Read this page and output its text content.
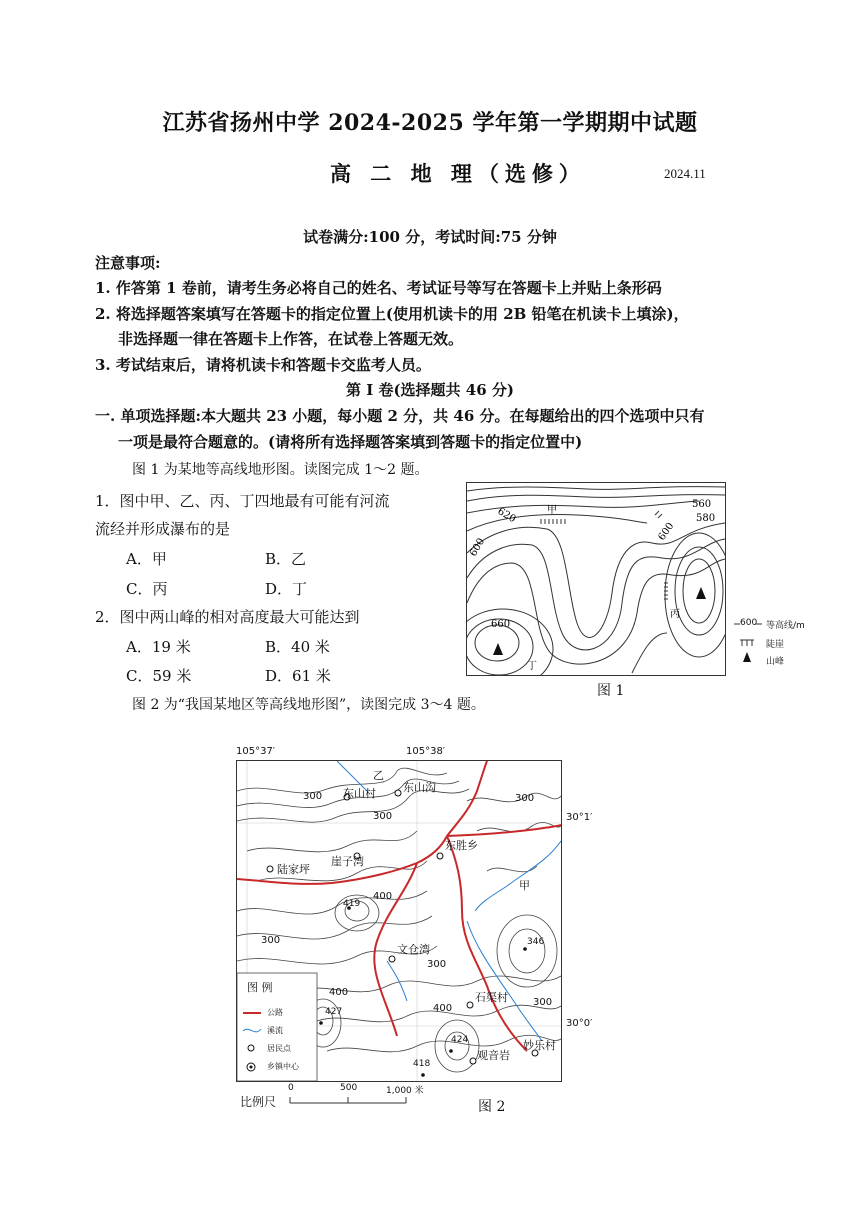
江苏省扬州中学 2024-2025 学年第一学期期中试题
高 二 地 理（选修）	2024.11
试卷满分:100 分，考试时间:75 分钟
注意事项:
1. 作答第 1 卷前，请考生务必将自己的姓名、考试证号等写在答题卡上并贴上条形码
2. 将选择题答案填写在答题卡的指定位置上(使用机读卡的用 2B 铅笔在机读卡上填涂)，
非选择题一律在答题卡上作答，在试卷上答题无效。
3. 考试结束后，请将机读卡和答题卡交监考人员。
第 I 卷(选择题共 46 分)
一. 单项选择题:本大题共 23 小题，每小题 2 分，共 46 分。在每题给出的四个选项中只有
一项是最符合题意的。(请将所有选择题答案填到答题卡的指定位置中)
图 1 为某地等高线地形图。读图完成 1～2 题。
1．图中甲、乙、丙、丁四地最有可能有河流
流经并形成瀑布的是
A．甲	B．乙
C．丙	D．丁
2．图中两山峰的相对高度最大可能达到
A．19 米	B．40 米
C．59 米	D．61 米
620
600
600
560
580
660
甲
丙
丁
600 等高线/m
陡崖
山峰
图 1
图 2 为“我国某地区等高线地形图”，读图完成 3～4 题。
105°37′	105°38′
30°1′
30°0′
乙
东山沟
东山村
东胜乡
崖子湾
陆家坪
甲
文仓湾
石渠村
妙乐村
观音岩
300
300
300
300
400
300
400
400
300
419
346
427
424
418
图 例
公路
溪流
居民点
乡镇中心
比例尺
0	500	1,000 米
图 2
